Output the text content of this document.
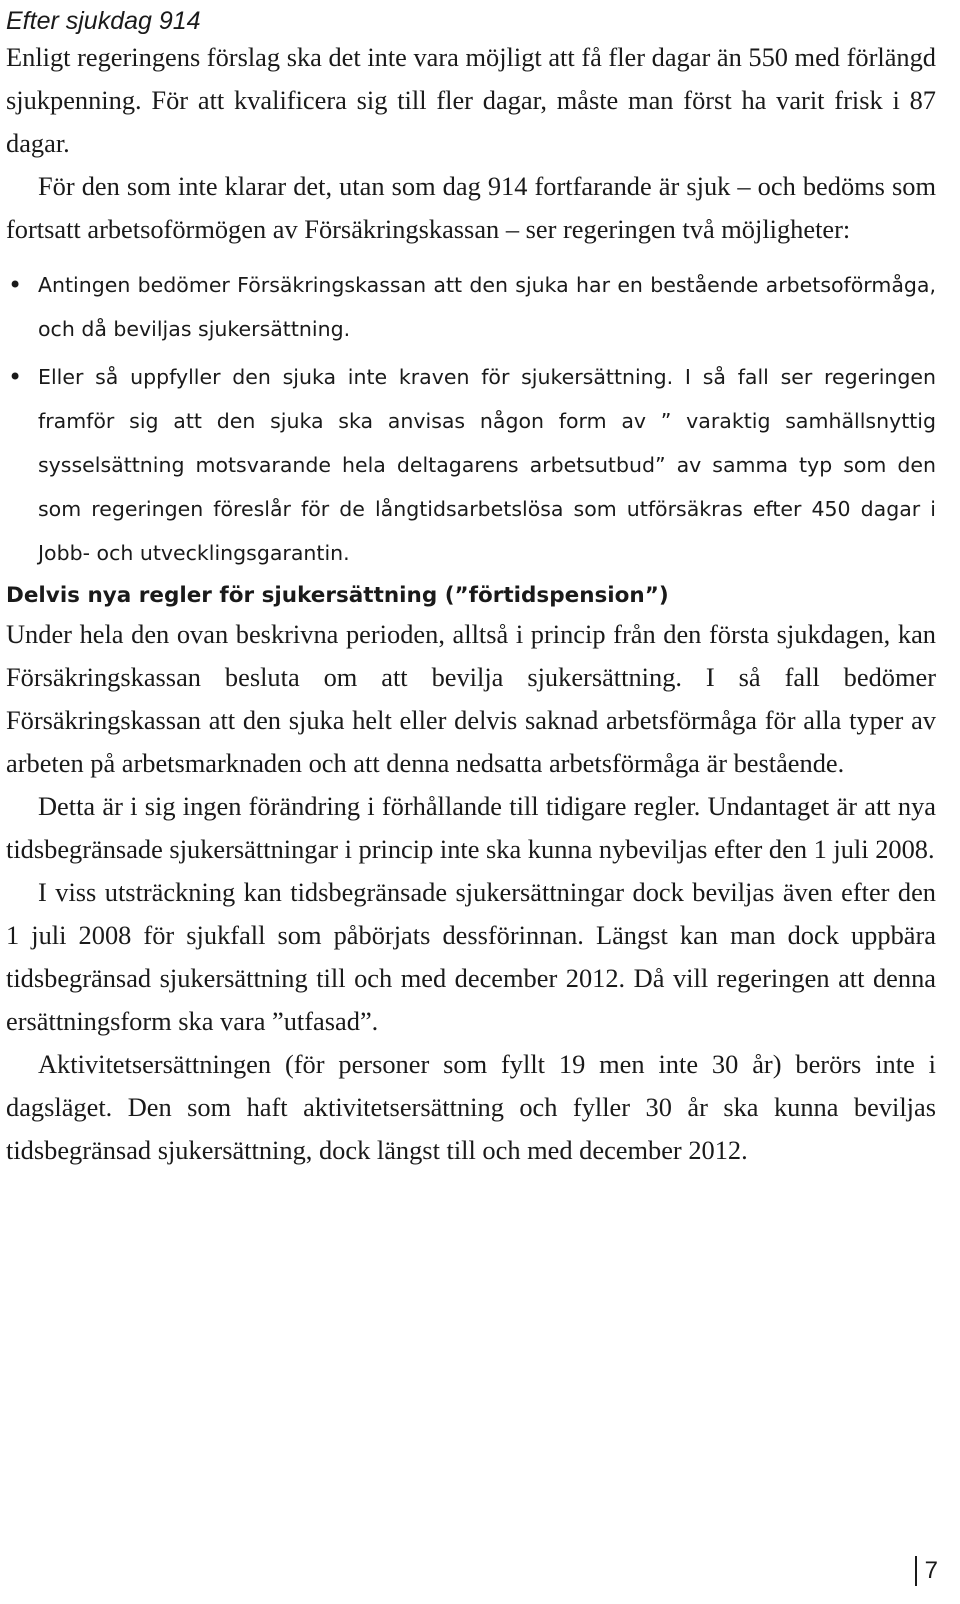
Efter sjukdag 914

Enligt regeringens förslag ska det inte vara möjligt att få fler dagar än 550 med förlängd sjukpenning. För att kvalificera sig till fler dagar, måste man först ha varit frisk i 87 dagar.

För den som inte klarar det, utan som dag 914 fortfarande är sjuk – och bedöms som fortsatt arbetsoförmögen av Försäkringskassan – ser regeringen två möjligheter:

• Antingen bedömer Försäkringskassan att den sjuka har en bestående arbetsoförmåga, och då beviljas sjukersättning.
• Eller så uppfyller den sjuka inte kraven för sjukersättning. I så fall ser regeringen framför sig att den sjuka ska anvisas någon form av ” varaktig samhällsnyttig sysselsättning motsvarande hela deltagarens arbetsutbud” av samma typ som den som regeringen föreslår för de långtidsarbetslösa som utförsäkras efter 450 dagar i Jobb- och utvecklingsgarantin.
Delvis nya regler för sjukersättning (”förtidspension”)

Under hela den ovan beskrivna perioden, alltså i princip från den första sjukdagen, kan Försäkringskassan besluta om att bevilja sjukersättning. I så fall bedömer Försäkringskassan att den sjuka helt eller delvis saknad arbetsförmåga för alla typer av arbeten på arbetsmarknaden och att denna nedsatta arbetsförmåga är bestående.

Detta är i sig ingen förändring i förhållande till tidigare regler. Undantaget är att nya tidsbegränsade sjukersättningar i princip inte ska kunna nybeviljas efter den 1 juli 2008.

I viss utsträckning kan tidsbegränsade sjukersättningar dock beviljas även efter den 1 juli 2008 för sjukfall som påbörjats dessförinnan. Längst kan man dock uppbära tidsbegränsad sjukersättning till och med december 2012. Då vill regeringen att denna ersättningsform ska vara ”utfasad”.

Aktivitetsersättningen (för personer som fyllt 19 men inte 30 år) berörs inte i dagsläget. Den som haft aktivitetsersättning och fyller 30 år ska kunna beviljas tidsbegränsad sjukersättning, dock längst till och med december 2012.

7
